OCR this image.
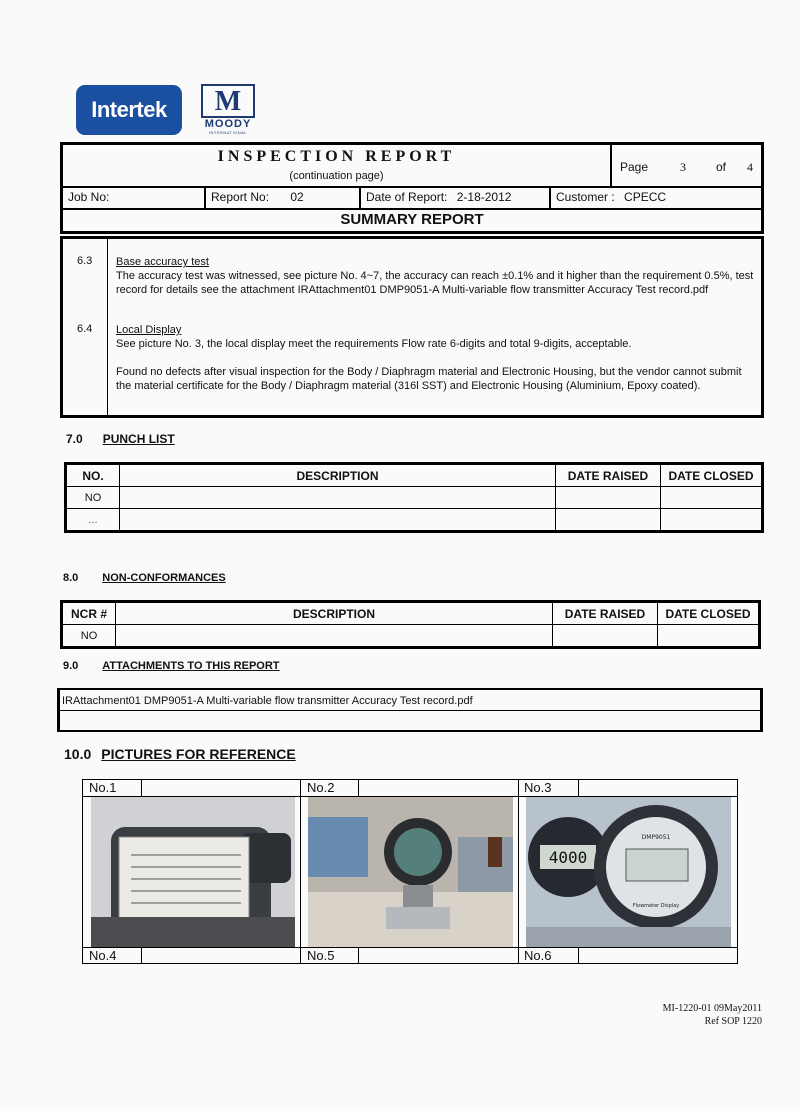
Intertek	M
MOODY
INTERNATIONAL
INSPECTION REPORT
(continuation page)
Page	3	of 4
Job No:	Report No: 02	Date of Report: 2-18-2012	Customer : CPECC
SUMMARY REPORT
6.3 Base accuracy test
The accuracy test was witnessed, see picture No. 4~7, the accuracy can reach ±0.1% and it higher than the requirement 0.5%, test record for details see the attachment IRAttachment01 DMP9051-A Multi-variable flow transmitter Accuracy Test record.pdf
6.4 Local Display
See picture No. 3, the local display meet the requirements Flow rate 6-digits and total 9-digits, acceptable.
Found no defects after visual inspection for the Body / Diaphragm material and Electronic Housing, but the vendor cannot submit the material certificate for the Body / Diaphragm material (316l SST) and Electronic Housing (Aluminium, Epoxy coated).
7.0 PUNCH LIST
NO.	DESCRIPTION	DATE RAISED	DATE CLOSED
NO			
...			
8.0 NON-CONFORMANCES
NCR #	DESCRIPTION	DATE RAISED	DATE CLOSED
NO			
9.0 ATTACHMENTS TO THIS REPORT
IRAttachment01 DMP9051-A Multi-variable flow transmitter Accuracy Test record.pdf
10.0 PICTURES FOR REFERENCE
No.1	No.2	No.3
No.4	No.5	No.6
4000
DMP9051
Flowmeter Display
MI-1220-01 09May2011
Ref SOP 1220
